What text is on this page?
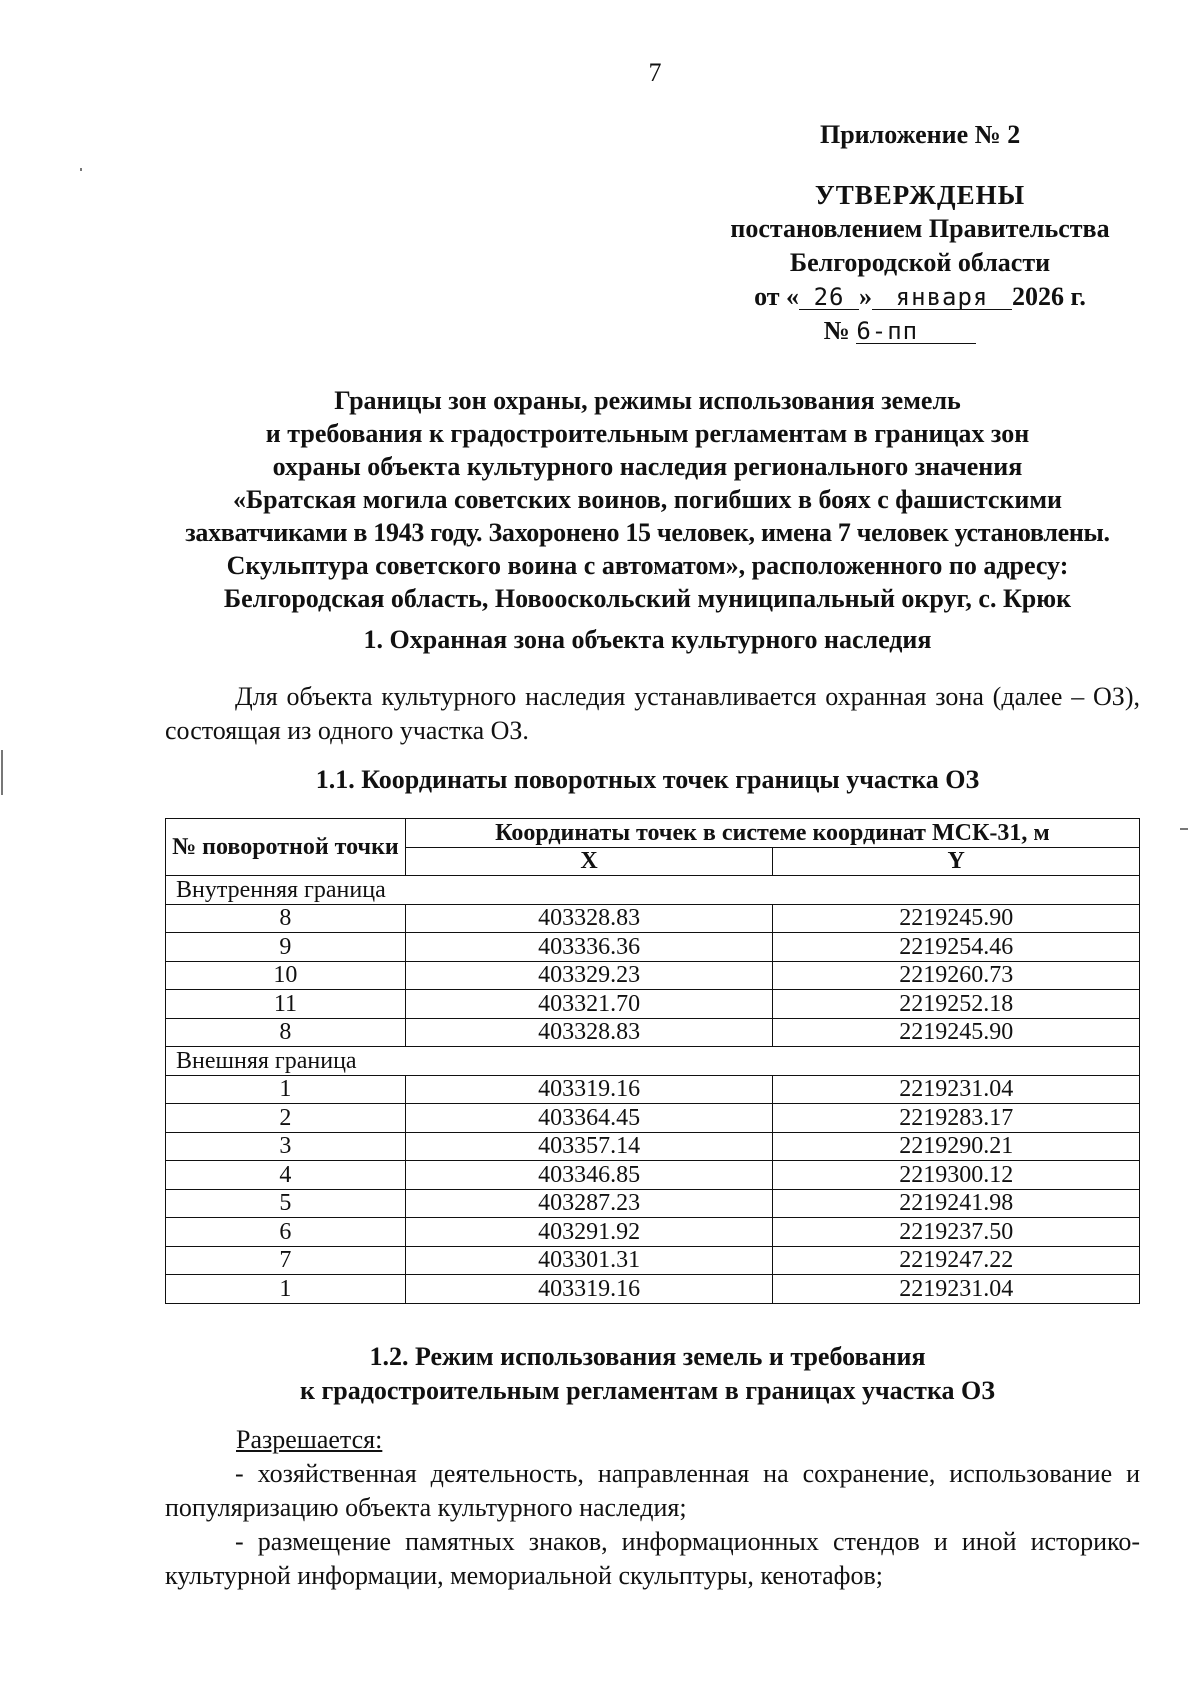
7
Приложение № 2
УТВЕРЖДЕНЫ
постановлением Правительства
Белгородской области
от « 26 » января 2026 г.
№ 6-пп
Границы зон охраны, режимы использования земель
и требования к градостроительным регламентам в границах зон
охраны объекта культурного наследия регионального значения
«Братская могила советских воинов, погибших в боях с фашистскими
захватчиками в 1943 году. Захоронено 15 человек, имена 7 человек установлены.
Скульптура советского воина с автоматом», расположенного по адресу:
Белгородская область, Новооскольский муниципальный округ, с. Крюк
1. Охранная зона объекта культурного наследия
Для объекта культурного наследия устанавливается охранная зона (далее – ОЗ), состоящая из одного участка ОЗ.
1.1. Координаты поворотных точек границы участка ОЗ
№ поворотной точки	Координаты точек в системе координат МСК-31, м	
	X	Y
Внутренняя граница		
8	403328.83	2219245.90
9	403336.36	2219254.46
10	403329.23	2219260.73
11	403321.70	2219252.18
8	403328.83	2219245.90
Внешняя граница		
1	403319.16	2219231.04
2	403364.45	2219283.17
3	403357.14	2219290.21
4	403346.85	2219300.12
5	403287.23	2219241.98
6	403291.92	2219237.50
7	403301.31	2219247.22
1	403319.16	2219231.04
1.2. Режим использования земель и требования
к градостроительным регламентам в границах участка ОЗ
Разрешается:
- хозяйственная деятельность, направленная на сохранение, использование и популяризацию объекта культурного наследия;
- размещение памятных знаков, информационных стендов и иной историко-культурной информации, мемориальной скульптуры, кенотафов;
